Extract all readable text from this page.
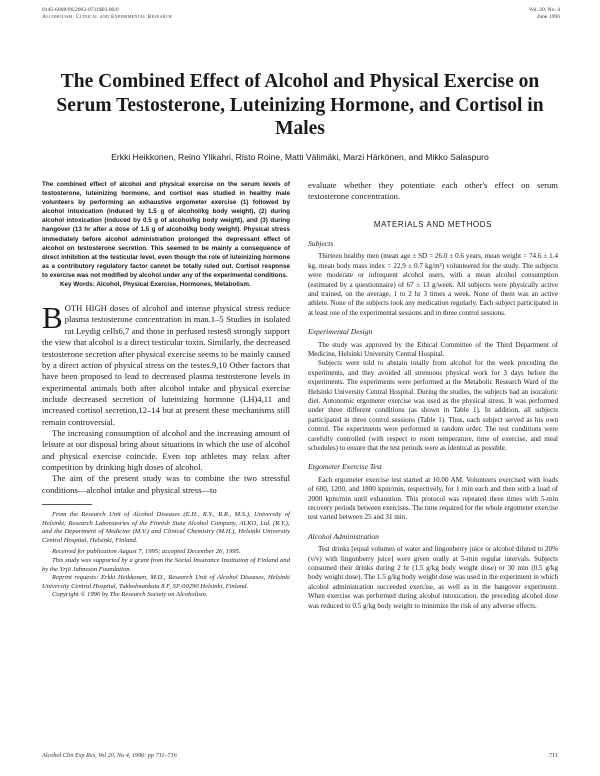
0145-6008/96/2003-0711$03.00/0
Alcoholism: Clinical and Experimental Research
Vol. 20, No. 4
June 1996
The Combined Effect of Alcohol and Physical Exercise on Serum Testosterone, Luteinizing Hormone, and Cortisol in Males

Erkki Heikkonen, Reino Ylikahri, Risto Roine, Matti Välimäki, Marzi Härkönen, and Mikko Salaspuro

The combined effect of alcohol and physical exercise on the serum levels of testosterone, luteinizing hormone, and cortisol was studied in healthy male volunteers by performing an exhaustive ergometer exercise (1) followed by alcohol intoxication (induced by 1.5 g of alcohol/kg body weight), (2) during alcohol intoxication (induced by 0.5 g of alcohol/kg body weight), and (3) during hangover (13 hr after a dose of 1.5 g of alcohol/kg body weight). Physical stress immediately before alcohol administration prolonged the depressant effect of alcohol on testosterone secretion. This seemed to be mainly a consequence of direct inhibition at the testicular level, even though the role of luteinizing hormone as a contributory regulatory factor cannot be totally ruled out. Cortisol response to exercise was not modified by alcohol under any of the experimental conditions.

Key Words: Alcohol, Physical Exercise, Hormones, Metabolism.

BOTH HIGH doses of alcohol and intense physical stress reduce plasma testosterone concentration in man.1–5 Studies in isolated rat Leydig cells6,7 and those in perfused testes8 strongly support the view that alcohol is a direct testicular toxin. Similarly, the decreased testosterone secretion after physical exercise seems to be mainly caused by a direct action of physical stress on the testes.9,10 Other factors that have been proposed to lead to decreased plasma testosterone levels in experimental animals both after alcohol intake and physical exercise include decreased secretion of luteinizing hormone (LH)4,11 and increased cortisol secretion,12–14 but at present these mechanisms still remain controversial.

The increasing consumption of alcohol and the increasing amount of leisure at our disposal bring about situations in which the use of alcohol and physical exercise coincide. Even top athletes may relax after competition by drinking high doses of alcohol.

The aim of the present study was to combine the two stressful conditions—alcohol intake and physical stress—to

From the Research Unit of Alcohol Diseases (E.H., R.Y., R.R., M.S.), University of Helsinki; Research Laboratories of the Finnish State Alcohol Company, ALKO, Ltd. (R.Y.); and the Department of Medicine (M.V.) and Clinical Chemistry (M.H.), Helsinki University Central Hospital, Helsinki, Finland.

Received for publication August 7, 1995; accepted December 26, 1995.

This study was supported by a grant from the Social Insurance Institution of Finland and by the Yrjö Jahnsson Foundation.

Reprint requests: Erkki Heikkonen, M.D., Research Unit of Alcohol Diseases, Helsinki University Central Hospital, Tukholmankatu 8 F, SF-00290 Helsinki, Finland.

Copyright © 1996 by The Research Society on Alcoholism.

evaluate whether they potentiate each other's effect on serum testosterone concentration.

MATERIALS AND METHODS
Subjects

Thirteen healthy men (mean age ± SD = 26.0 ± 0.6 years, mean weight = 74.6 ± 1.4 kg, mean body mass index = 22.9 ± 0.7 kg/m²) volunteered for the study. The subjects were moderate or infrequent alcohol users, with a mean alcohol consumption (estimated by a questionnaire) of 67 ± 13 g/week. All subjects were physically active and trained, on the average, 1 to 2 hr 3 times a week. None of them was an active athlete. None of the subjects took any medication regularly. Each subject participated in at least one of the experimental sessions and in three control sessions.

Experimental Design

The study was approved by the Ethical Committee of the Third Department of Medicine, Helsinki University Central Hospital.

Subjects were told to abstain totally from alcohol for the week preceding the experiments, and they avoided all strenuous physical work for 3 days before the experiments. The experiments were performed at the Metabolic Research Ward of the Helsinki University Central Hospital. During the studies, the subjects had an isocaloric diet. Autonomic ergometer exercise was used as the physical stress. It was performed under three different conditions (as shown in Table 1). In addition, all subjects participated in three control sessions (Table 1). Thus, each subject served as his own control. The experiments were performed in random order. The test conditions were carefully controlled (with respect to room temperature, time of exercise, and meal schedules) to ensure that the test periods were as identical as possible.

Ergometer Exercise Test

Each ergometer exercise test started at 10.00 AM. Volunteers exercised with loads of 600, 1200, and 1800 kpm/min, respectively, for 1 min each and then with a load of 2000 kpm/min until exhaustion. This protocol was repeated three times with 5-min recovery periods between exercises. The time required for the whole ergometer exercise test varied between 25 and 31 min.

Alcohol Administration

Test drinks [equal volumes of water and lingonberry juice or alcohol diluted to 20% (v/v) with lingonberry juice] were given orally at 5-min regular intervals. Subjects consumed their drinks during 2 hr (1.5 g/kg body weight dose) or 30 min (0.5 g/kg body weight dose). The 1.5 g/kg body weight dose was used in the experiment in which alcohol administration succeeded exercise, as well as in the hangover experiment. When exercise was performed during alcohol intoxication, the preceding alcohol dose was reduced to 0.5 g/kg body weight to minimize the risk of any adverse effects.

Alcohol Clin Exp Res, Vol 20, No 4, 1996: pp 711–716	711
